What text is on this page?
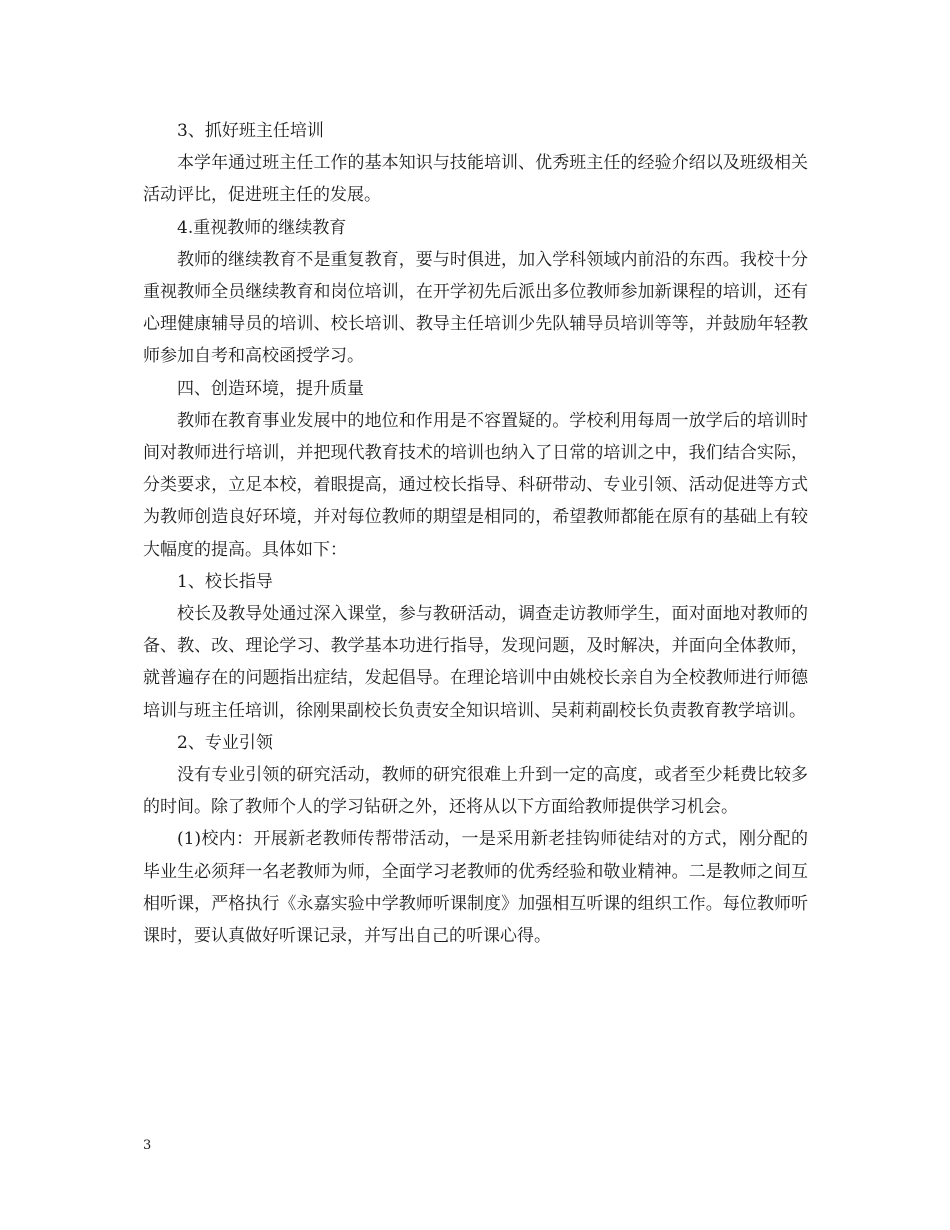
3、抓好班主任培训

本学年通过班主任工作的基本知识与技能培训、优秀班主任的经验介绍以及班级相关活动评比，促进班主任的发展。

4.重视教师的继续教育

教师的继续教育不是重复教育，要与时俱进，加入学科领域内前沿的东西。我校十分重视教师全员继续教育和岗位培训，在开学初先后派出多位教师参加新课程的培训，还有心理健康辅导员的培训、校长培训、教导主任培训少先队辅导员培训等等，并鼓励年轻教师参加自考和高校函授学习。

四、创造环境，提升质量

教师在教育事业发展中的地位和作用是不容置疑的。学校利用每周一放学后的培训时间对教师进行培训，并把现代教育技术的培训也纳入了日常的培训之中，我们结合实际，分类要求，立足本校，着眼提高，通过校长指导、科研带动、专业引领、活动促进等方式为教师创造良好环境，并对每位教师的期望是相同的，希望教师都能在原有的基础上有较大幅度的提高。具体如下：

1、校长指导

校长及教导处通过深入课堂，参与教研活动，调查走访教师学生，面对面地对教师的备、教、改、理论学习、教学基本功进行指导，发现问题，及时解决，并面向全体教师，就普遍存在的问题指出症结，发起倡导。在理论培训中由姚校长亲自为全校教师进行师德培训与班主任培训，徐刚果副校长负责安全知识培训、吴莉莉副校长负责教育教学培训。

2、专业引领

没有专业引领的研究活动，教师的研究很难上升到一定的高度，或者至少耗费比较多的时间。除了教师个人的学习钻研之外，还将从以下方面给教师提供学习机会。

(1)校内：开展新老教师传帮带活动，一是采用新老挂钩师徒结对的方式，刚分配的毕业生必须拜一名老教师为师，全面学习老教师的优秀经验和敬业精神。二是教师之间互相听课，严格执行《永嘉实验中学教师听课制度》加强相互听课的组织工作。每位教师听课时，要认真做好听课记录，并写出自己的听课心得。

3
